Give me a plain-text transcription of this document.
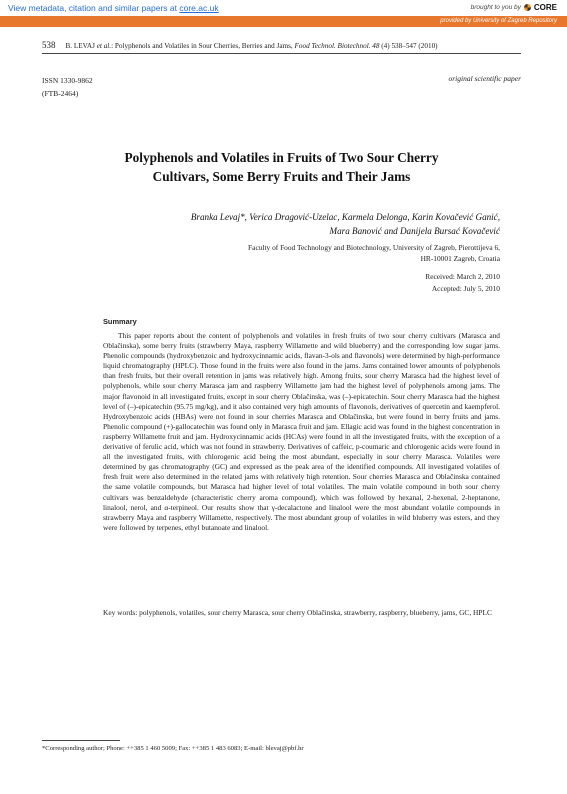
View metadata, citation and similar papers at core.ac.uk	brought to you by CORE
provided by University of Zagreb Repository
538 B. LEVAJ et al.: Polyphenols and Volatiles in Sour Cherries, Berries and Jams, Food Technol. Biotechnol. 48 (4) 538–547 (2010)
ISSN 1330-9862
(FTB-2464)
original scientific paper
Polyphenols and Volatiles in Fruits of Two Sour Cherry
Cultivars, Some Berry Fruits and Their Jams
Branka Levaj*, Verica Dragović-Uzelac, Karmela Delonga, Karin Kovačević Ganić,
Mara Banović and Danijela Bursać Kovačević
Faculty of Food Technology and Biotechnology, University of Zagreb, Pierottijeva 6,
HR-10001 Zagreb, Croatia
Received: March 2, 2010
Accepted: July 5, 2010
Summary

This paper reports about the content of polyphenols and volatiles in fresh fruits of two sour cherry cultivars (Marasca and Oblačinska), some berry fruits (strawberry Maya, raspberry Willamette and wild blueberry) and the corresponding low sugar jams. Phenolic compounds (hydroxybenzoic and hydroxycinnamic acids, flavan-3-ols and flavonols) were determined by high-performance liquid chromatography (HPLC). Those found in the fruits were also found in the jams. Jams contained lower amounts of polyphenols than fresh fruits, but their overall retention in jams was relatively high. Among fruits, sour cherry Marasca had the highest level of polyphenols, while sour cherry Marasca jam and raspberry Willamette jam had the highest level of polyphenols among jams. The major flavonoid in all investigated fruits, except in sour cherry Oblačinska, was (–)-epicatechin. Sour cherry Marasca had the highest level of (–)-epicatechin (95.75 mg/kg), and it also contained very high amounts of flavonols, derivatives of quercetin and kaempferol. Hydroxybenzoic acids (HBAs) were not found in sour cherries Marasca and Oblačinska, but were found in berry fruits and jams. Phenolic compound (+)-gallocatechin was found only in Marasca fruit and jam. Ellagic acid was found in the highest concentration in raspberry Willamette fruit and jam. Hydroxycinnamic acids (HCAs) were found in all the investigated fruits, with the exception of a derivative of ferulic acid, which was not found in strawberry. Derivatives of caffeic, p-coumaric and chlorogenic acids were found in all the investigated fruits, with chlorogenic acid being the most abundant, especially in sour cherry Marasca. Volatiles were determined by gas chromatography (GC) and expressed as the peak area of the identified compounds. All investigated volatiles of fresh fruit were also determined in the related jams with relatively high retention. Sour cherries Marasca and Oblačinska contained the same volatile compounds, but Marasca had higher level of total volatiles. The main volatile compound in both sour cherry cultivars was benzaldehyde (characteristic cherry aroma compound), which was followed by hexanal, 2-hexenal, 2-heptanone, linalool, nerol, and α-terpineol. Our results show that γ-decalactone and linalool were the most abundant volatile compounds in strawberry Maya and raspberry Willamette, respectively. The most abundant group of volatiles in wild bluberry was esters, and they were followed by terpenes, ethyl butanoate and linalool.

Key words: polyphenols, volatiles, sour cherry Marasca, sour cherry Oblačinska, strawberry, raspberry, blueberry, jams, GC, HPLC
*Corresponding author; Phone: ++385 1 460 5009; Fax: ++385 1 483 6083; E-mail: blevaj@pbf.hr
